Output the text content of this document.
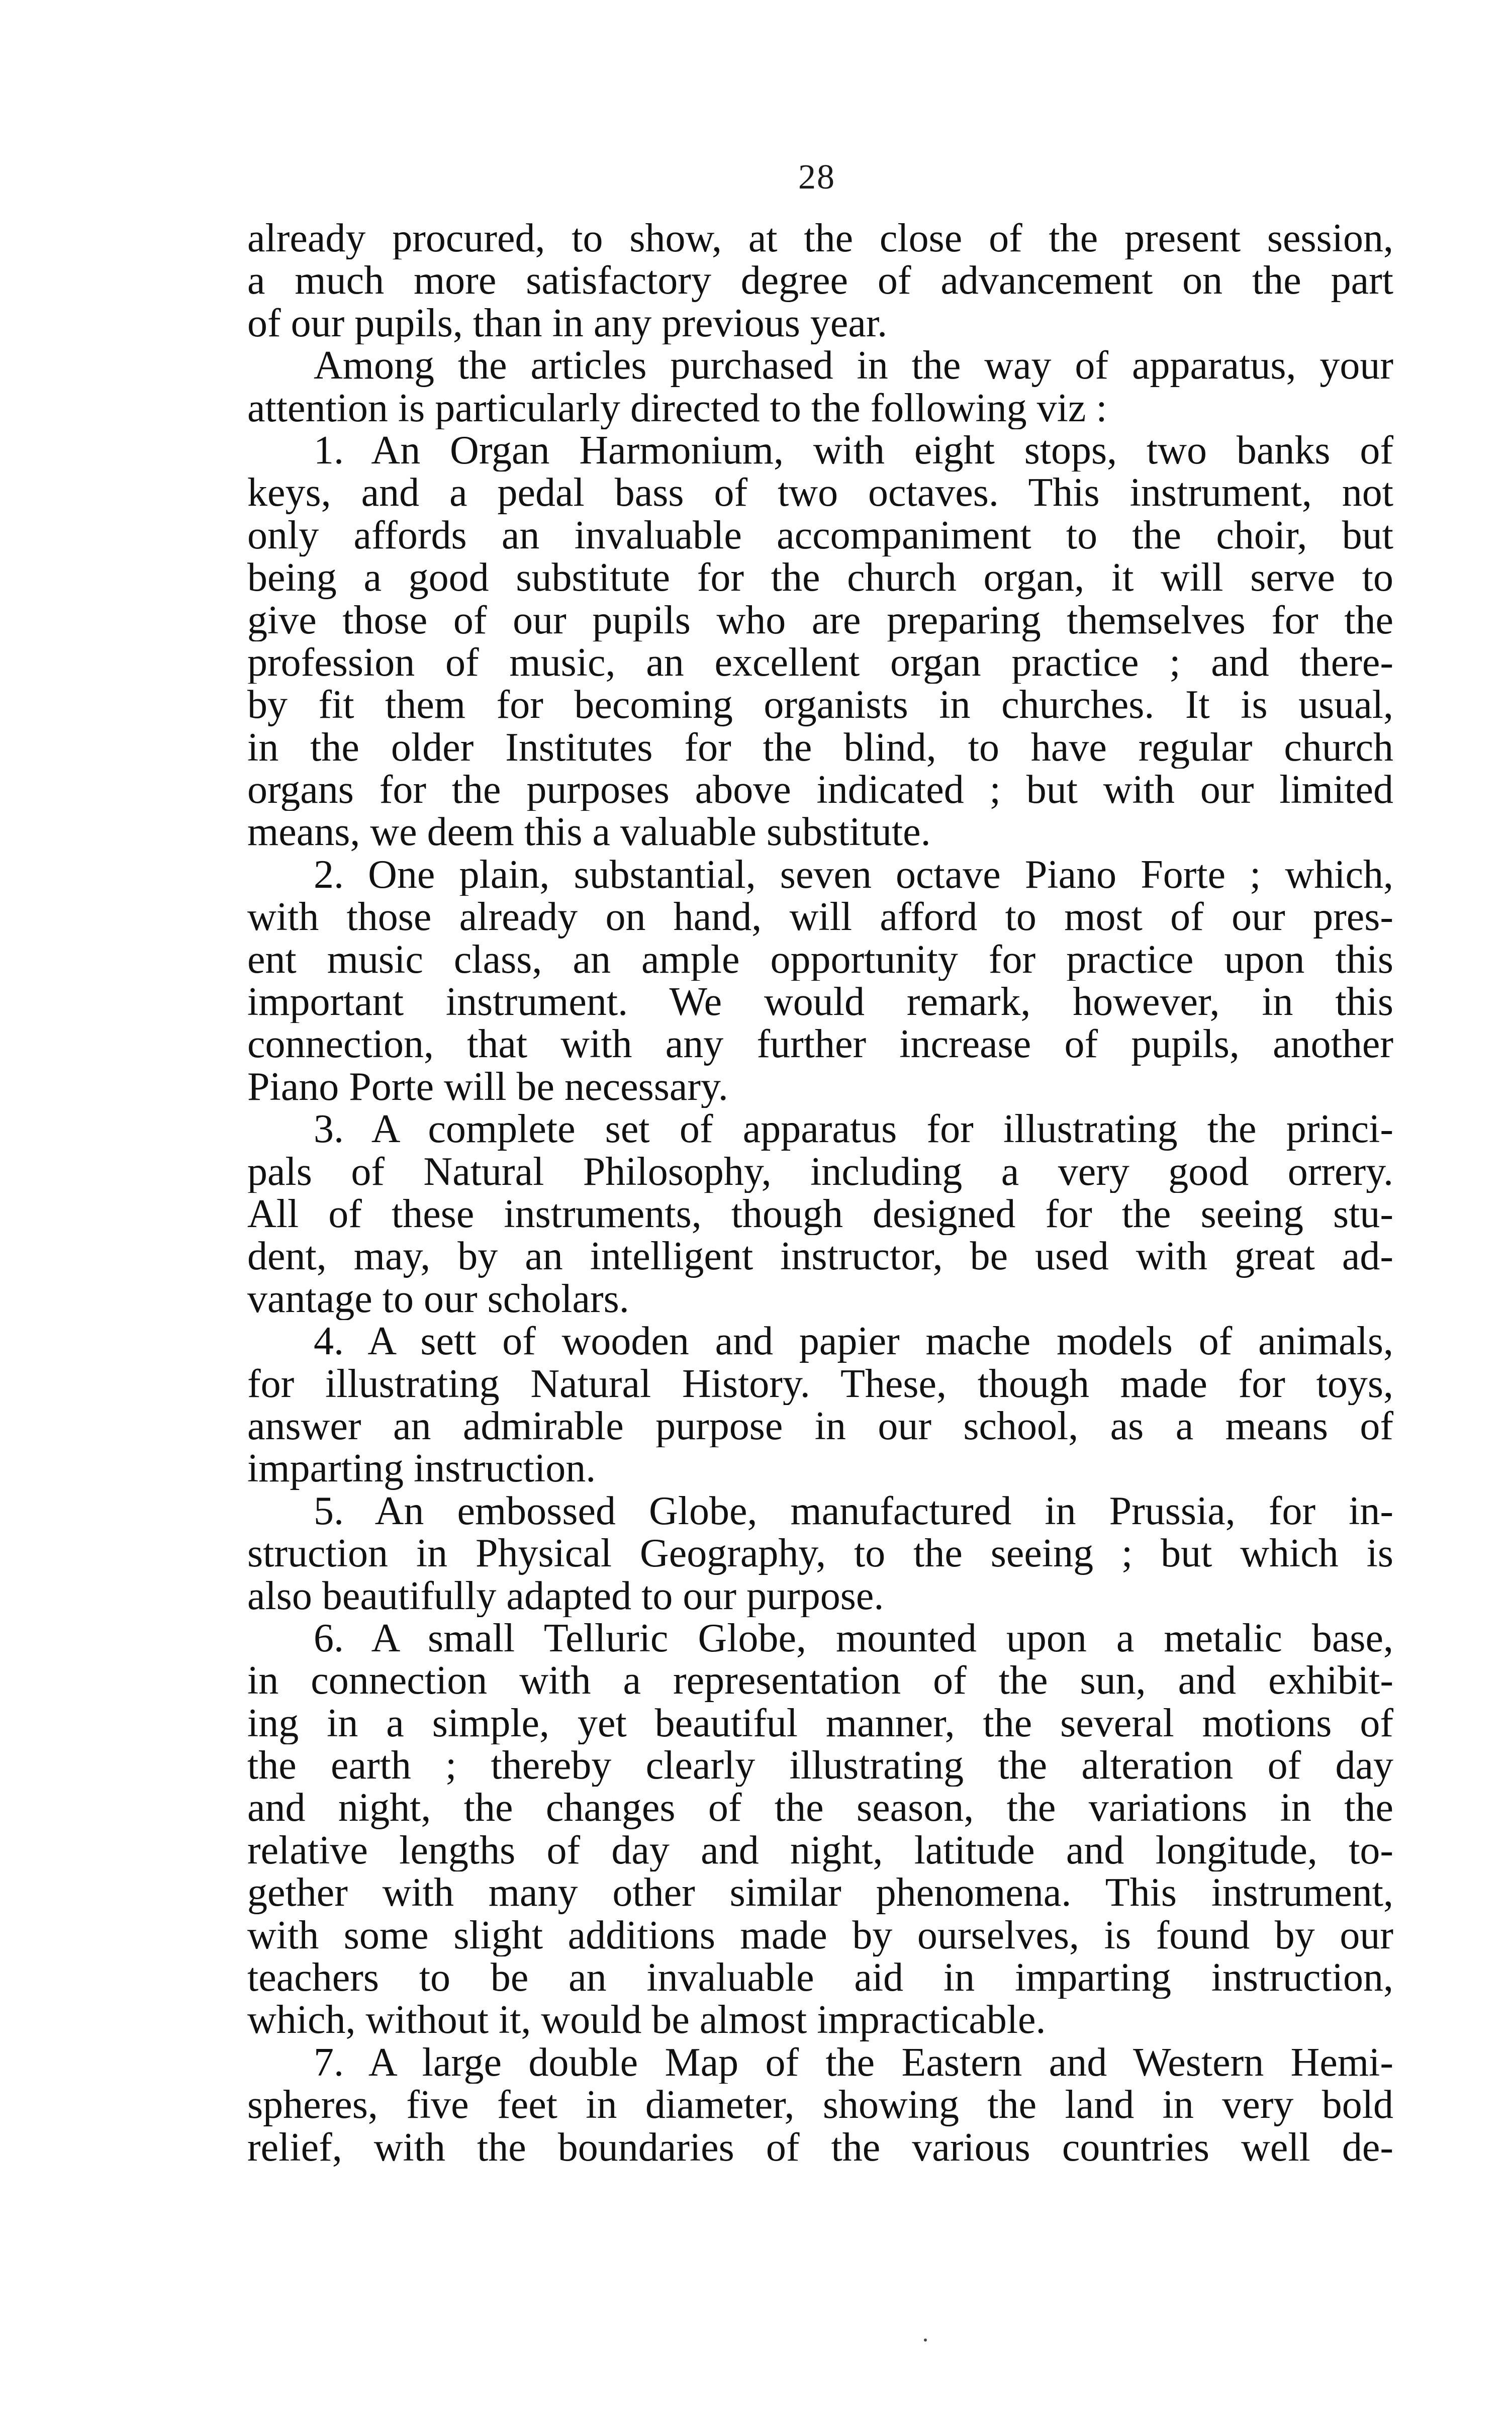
28
already procured, to show, at the close of the present session,
a much more satisfactory degree of advancement on the part
of our pupils, than in any previous year.
Among the articles purchased in the way of apparatus, your
attention is particularly directed to the following viz :
1. An Organ Harmonium, with eight stops, two banks of
keys, and a pedal bass of two octaves. This instrument, not
only affords an invaluable accompaniment to the choir, but
being a good substitute for the church organ, it will serve to
give those of our pupils who are preparing themselves for the
profession of music, an excellent organ practice ; and there-
by fit them for becoming organists in churches. It is usual,
in the older Institutes for the blind, to have regular church
organs for the purposes above indicated ; but with our limited
means, we deem this a valuable substitute.
2. One plain, substantial, seven octave Piano Forte ; which,
with those already on hand, will afford to most of our pres-
ent music class, an ample opportunity for practice upon this
important instrument. We would remark, however, in this
connection, that with any further increase of pupils, another
Piano Porte will be necessary.
3. A complete set of apparatus for illustrating the princi-
pals of Natural Philosophy, including a very good orrery.
All of these instruments, though designed for the seeing stu-
dent, may, by an intelligent instructor, be used with great ad-
vantage to our scholars.
4. A sett of wooden and papier mache models of animals,
for illustrating Natural History. These, though made for toys,
answer an admirable purpose in our school, as a means of
imparting instruction.
5. An embossed Globe, manufactured in Prussia, for in-
struction in Physical Geography, to the seeing ; but which is
also beautifully adapted to our purpose.
6. A small Telluric Globe, mounted upon a metalic base,
in connection with a representation of the sun, and exhibit-
ing in a simple, yet beautiful manner, the several motions of
the earth ; thereby clearly illustrating the alteration of day
and night, the changes of the season, the variations in the
relative lengths of day and night, latitude and longitude, to-
gether with many other similar phenomena. This instrument,
with some slight additions made by ourselves, is found by our
teachers to be an invaluable aid in imparting instruction,
which, without it, would be almost impracticable.
7. A large double Map of the Eastern and Western Hemi-
spheres, five feet in diameter, showing the land in very bold
relief, with the boundaries of the various countries well de-
